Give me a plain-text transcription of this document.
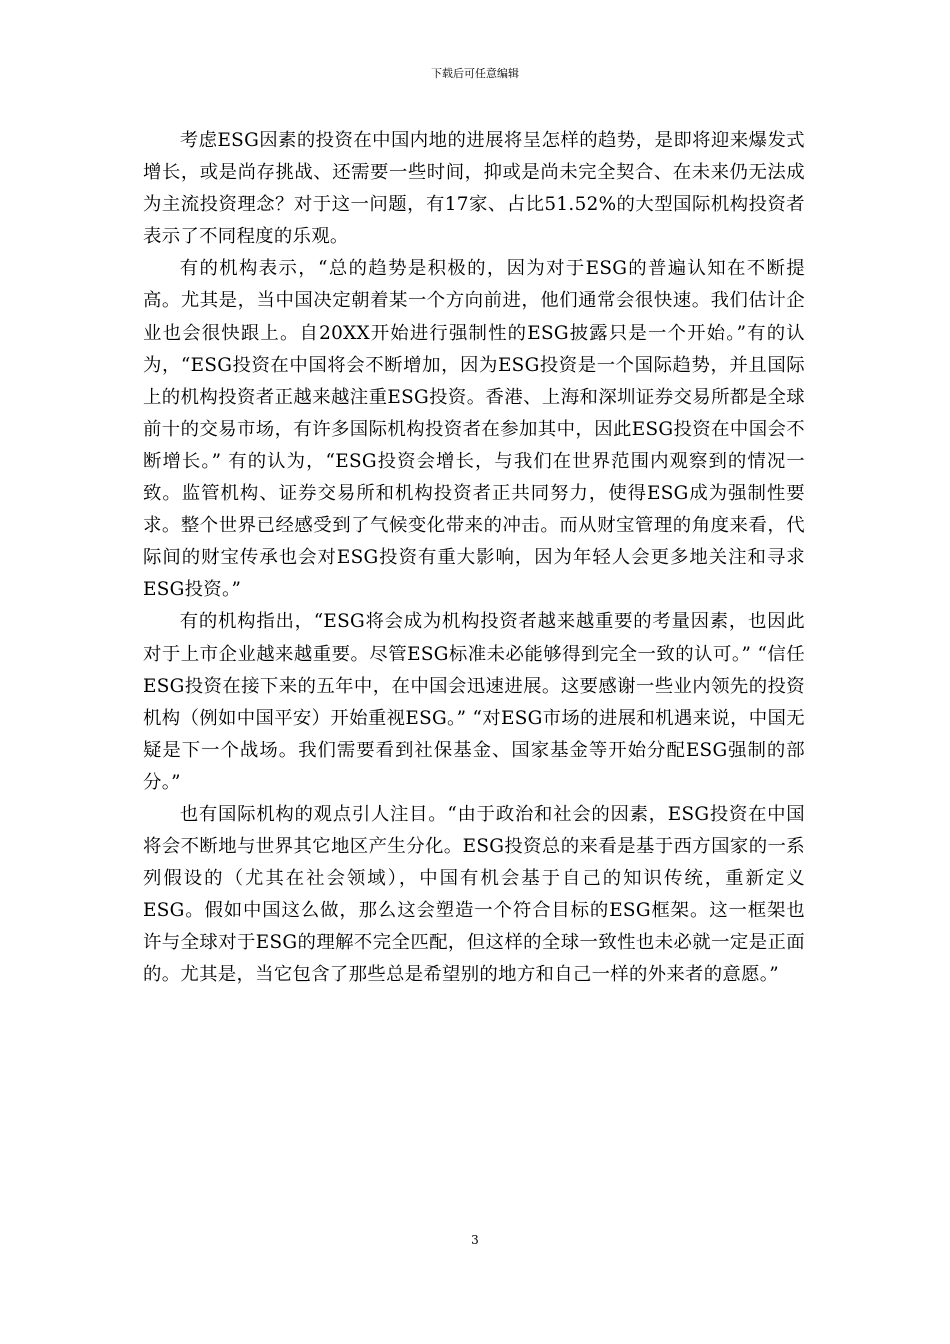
下载后可任意编辑

考虑ESG因素的投资在中国内地的进展将呈怎样的趋势，是即将迎来爆发式增长，或是尚存挑战、还需要一些时间，抑或是尚未完全契合、在未来仍无法成为主流投资理念？对于这一问题，有17家、占比51.52%的大型国际机构投资者表示了不同程度的乐观。

有的机构表示，“总的趋势是积极的，因为对于ESG的普遍认知在不断提高。尤其是，当中国决定朝着某一个方向前进，他们通常会很快速。我们估计企业也会很快跟上。自20XX开始进行强制性的ESG披露只是一个开始。”有的认为，“ESG投资在中国将会不断增加，因为ESG投资是一个国际趋势，并且国际上的机构投资者正越来越注重ESG投资。香港、上海和深圳证券交易所都是全球前十的交易市场，有许多国际机构投资者在参加其中，因此ESG投资在中国会不断增长。” 有的认为，“ESG投资会增长，与我们在世界范围内观察到的情况一致。监管机构、证券交易所和机构投资者正共同努力，使得ESG成为强制性要求。整个世界已经感受到了气候变化带来的冲击。而从财宝管理的角度来看，代际间的财宝传承也会对ESG投资有重大影响，因为年轻人会更多地关注和寻求ESG投资。”

有的机构指出，“ESG将会成为机构投资者越来越重要的考量因素，也因此对于上市企业越来越重要。尽管ESG标准未必能够得到完全一致的认可。” “信任ESG投资在接下来的五年中，在中国会迅速进展。这要感谢一些业内领先的投资机构（例如中国平安）开始重视ESG。” “对ESG市场的进展和机遇来说，中国无疑是下一个战场。我们需要看到社保基金、国家基金等开始分配ESG强制的部分。”

也有国际机构的观点引人注目。“由于政治和社会的因素，ESG投资在中国将会不断地与世界其它地区产生分化。ESG投资总的来看是基于西方国家的一系列假设的（尤其在社会领域），中国有机会基于自己的知识传统，重新定义ESG。假如中国这么做，那么这会塑造一个符合目标的ESG框架。这一框架也许与全球对于ESG的理解不完全匹配，但这样的全球一致性也未必就一定是正面的。尤其是，当它包含了那些总是希望别的地方和自己一样的外来者的意愿。”

3
